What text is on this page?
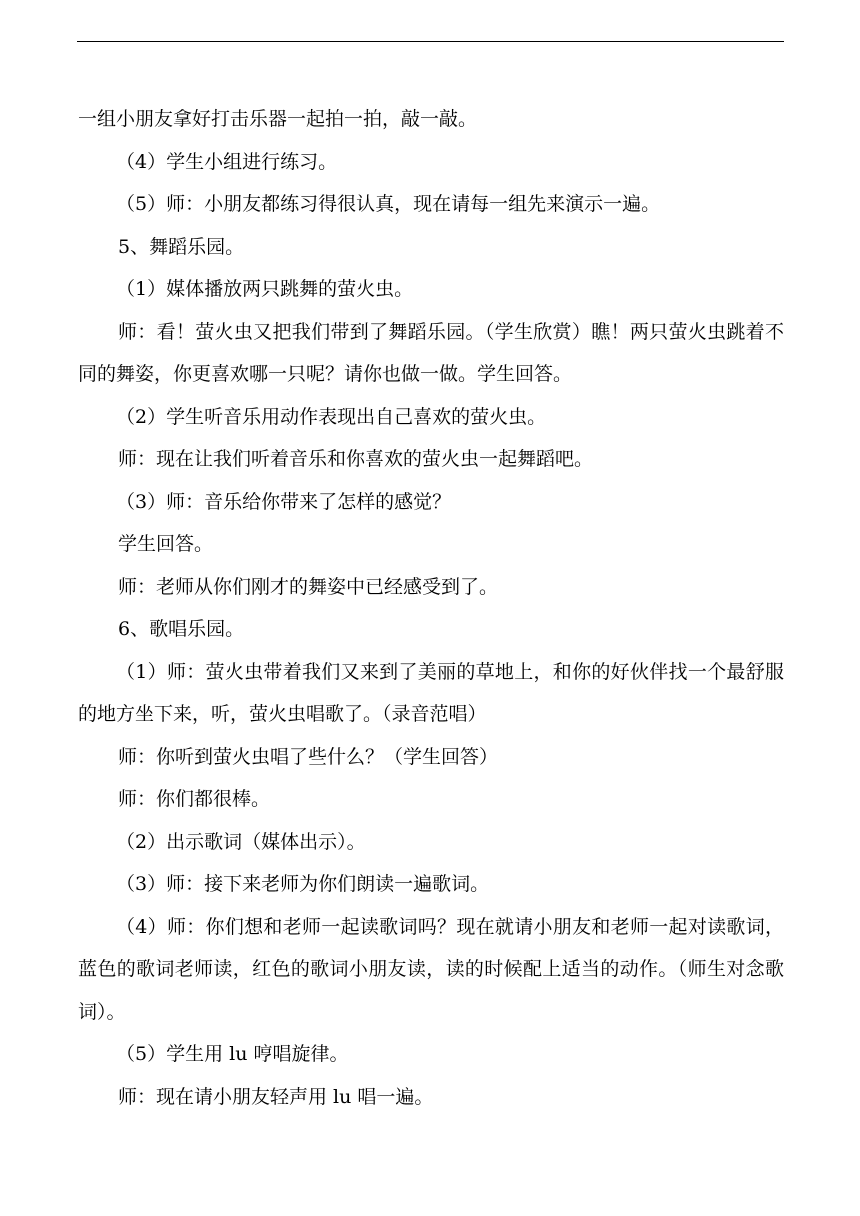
一组小朋友拿好打击乐器一起拍一拍，敲一敲。

（4）学生小组进行练习。

（5）师：小朋友都练习得很认真，现在请每一组先来演示一遍。

5、舞蹈乐园。

（1）媒体播放两只跳舞的萤火虫。

师：看！萤火虫又把我们带到了舞蹈乐园。（学生欣赏）瞧！两只萤火虫跳着不同的舞姿，你更喜欢哪一只呢？请你也做一做。学生回答。

（2）学生听音乐用动作表现出自己喜欢的萤火虫。

师：现在让我们听着音乐和你喜欢的萤火虫一起舞蹈吧。

（3）师：音乐给你带来了怎样的感觉？

学生回答。

师：老师从你们刚才的舞姿中已经感受到了。

6、歌唱乐园。

（1）师：萤火虫带着我们又来到了美丽的草地上，和你的好伙伴找一个最舒服的地方坐下来，听，萤火虫唱歌了。（录音范唱）

师：你听到萤火虫唱了些什么？（学生回答）

师：你们都很棒。

（2）出示歌词（媒体出示）。

（3）师：接下来老师为你们朗读一遍歌词。

（4）师：你们想和老师一起读歌词吗？现在就请小朋友和老师一起对读歌词，蓝色的歌词老师读，红色的歌词小朋友读，读的时候配上适当的动作。（师生对念歌词）。

（5）学生用 lu 哼唱旋律。

师：现在请小朋友轻声用 lu 唱一遍。
